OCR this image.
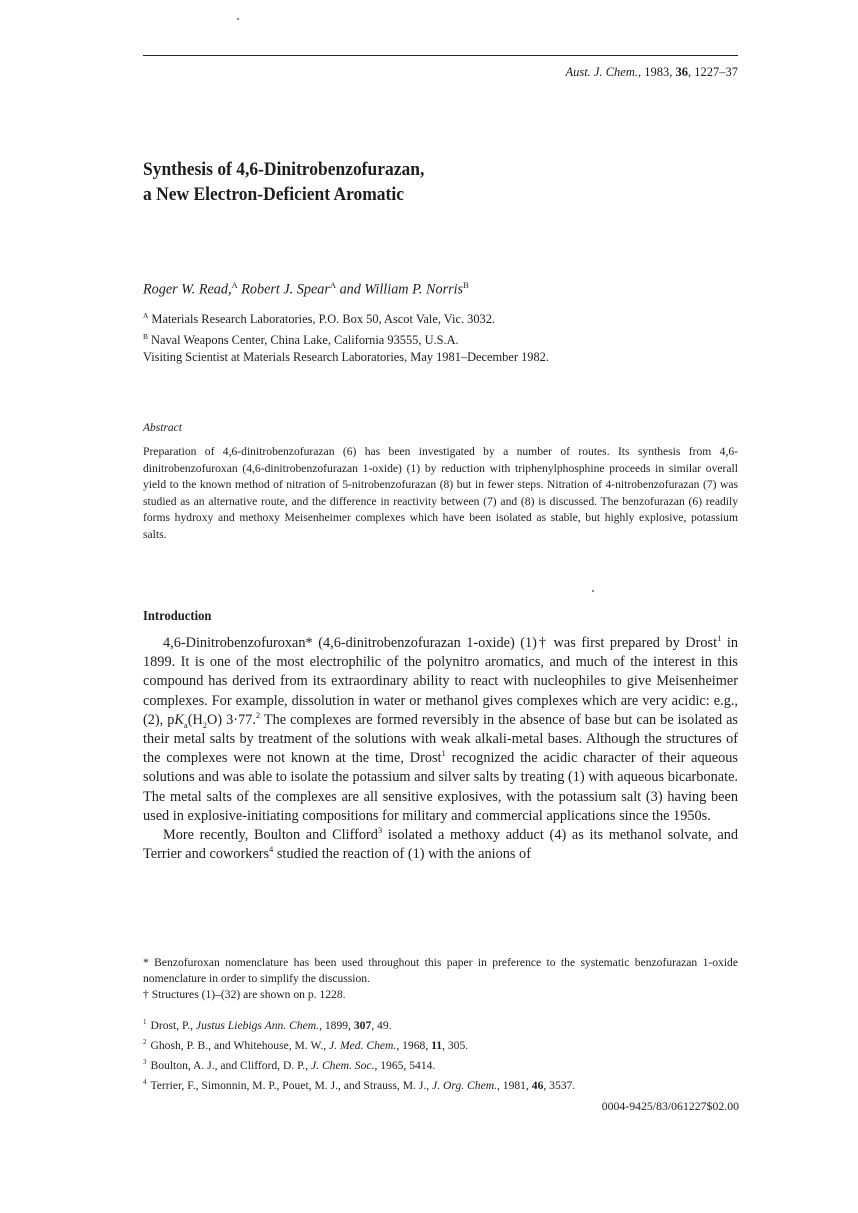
Aust. J. Chem., 1983, 36, 1227–37
Synthesis of 4,6-Dinitrobenzofurazan,
a New Electron-Deficient Aromatic
Roger W. Read,$^A$ Robert J. Spear$^A$ and William P. Norris$^B$
$^A$ Materials Research Laboratories, P.O. Box 50, Ascot Vale, Vic. 3032.
$^B$ Naval Weapons Center, China Lake, California 93555, U.S.A.
Visiting Scientist at Materials Research Laboratories, May 1981–December 1982.
Abstract
Preparation of 4,6-dinitrobenzofurazan (6) has been investigated by a number of routes. Its synthesis from 4,6-dinitrobenzofuroxan (4,6-dinitrobenzofurazan 1-oxide) (1) by reduction with triphenylphosphine proceeds in similar overall yield to the known method of nitration of 5-nitrobenzofurazan (8) but in fewer steps. Nitration of 4-nitrobenzofurazan (7) was studied as an alternative route, and the difference in reactivity between (7) and (8) is discussed. The benzofurazan (6) readily forms hydroxy and methoxy Meisenheimer complexes which have been isolated as stable, but highly explosive, potassium salts.
Introduction

4,6-Dinitrobenzofuroxan* (4,6-dinitrobenzofurazan 1-oxide) (1)† was first prepared by Drost$^1$ in 1899. It is one of the most electrophilic of the polynitro aromatics, and much of the interest in this compound has derived from its extraordinary ability to react with nucleophiles to give Meisenheimer complexes. For example, dissolution in water or methanol gives complexes which are very acidic: e.g., (2), $pK_a(H_2O)$ 3·77.$^2$ The complexes are formed reversibly in the absence of base but can be isolated as their metal salts by treatment of the solutions with weak alkali-metal bases. Although the structures of the complexes were not known at the time, Drost$^1$ recognized the acidic character of their aqueous solutions and was able to isolate the potassium and silver salts by treating (1) with aqueous bicarbonate. The metal salts of the complexes are all sensitive explosives, with the potassium salt (3) having been used in explosive-initiating compositions for military and commercial applications since the 1950s.

More recently, Boulton and Clifford$^3$ isolated a methoxy adduct (4) as its methanol solvate, and Terrier and coworkers$^4$ studied the reaction of (1) with the anions of

* Benzofuroxan nomenclature has been used throughout this paper in preference to the systematic benzofurazan 1-oxide nomenclature in order to simplify the discussion.
† Structures (1)–(32) are shown on p. 1228.
$^1$ Drost, P., Justus Liebigs Ann. Chem., 1899, 307, 49.
$^2$ Ghosh, P. B., and Whitehouse, M. W., J. Med. Chem., 1968, 11, 305.
$^3$ Boulton, A. J., and Clifford, D. P., J. Chem. Soc., 1965, 5414.
$^4$ Terrier, F., Simonnin, M. P., Pouet, M. J., and Strauss, M. J., J. Org. Chem., 1981, 46, 3537.
0004-9425/83/061227$02.00
